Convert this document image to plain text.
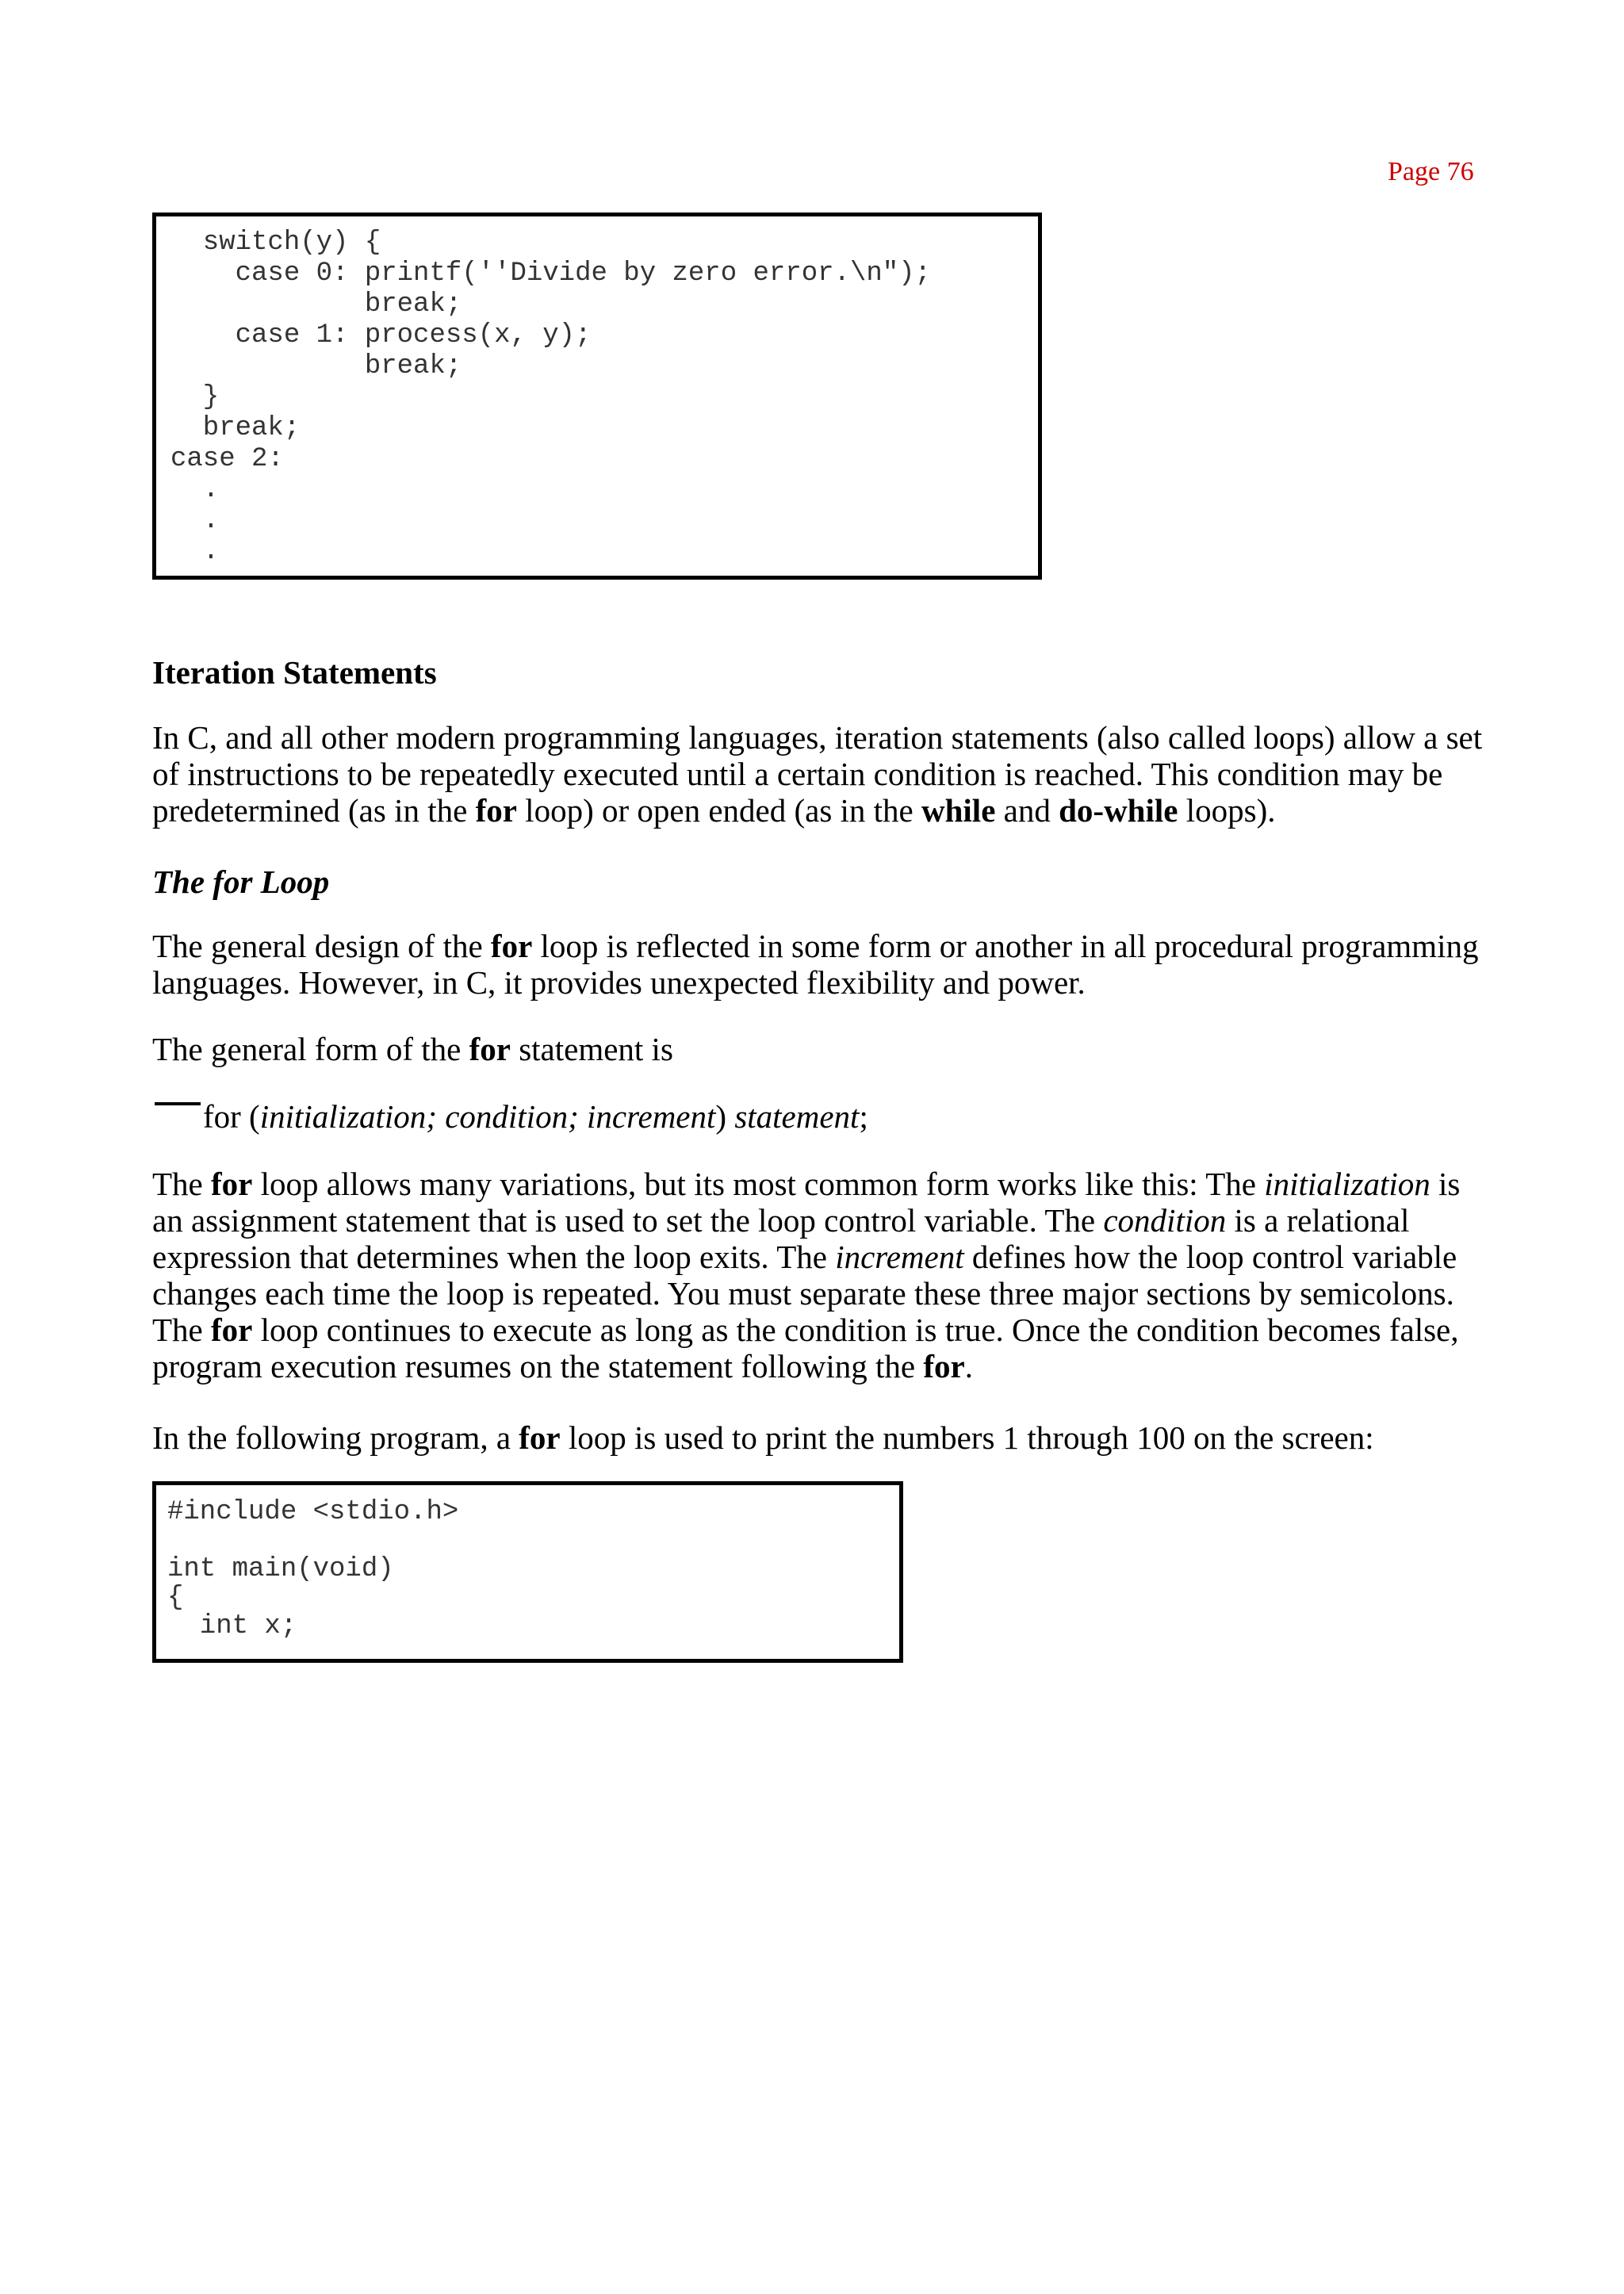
Page 76
switch(y) {
case 0: printf(''Divide by zero error.\n");
break;
case 1: process(x, y);
break;
}
break;
case 2:
.
.
.
Iteration Statements

In C, and all other modern programming languages, iteration statements (also called loops) allow a set of instructions to be repeatedly executed until a certain condition is reached. This condition may be predetermined (as in the for loop) or open ended (as in the while and do-while loops).

The for Loop

The general design of the for loop is reflected in some form or another in all procedural programming languages. However, in C, it provides unexpected flexibility and power.

The general form of the for statement is

for (initialization; condition; increment) statement;

The for loop allows many variations, but its most common form works like this: The initialization is an assignment statement that is used to set the loop control variable. The condition is a relational expression that determines when the loop exits. The increment defines how the loop control variable changes each time the loop is repeated. You must separate these three major sections by semicolons. The for loop continues to execute as long as the condition is true. Once the condition becomes false, program execution resumes on the statement following the for.

In the following program, a for loop is used to print the numbers 1 through 100 on the screen:

#include <stdio.h>

int main(void)
{
int x;
